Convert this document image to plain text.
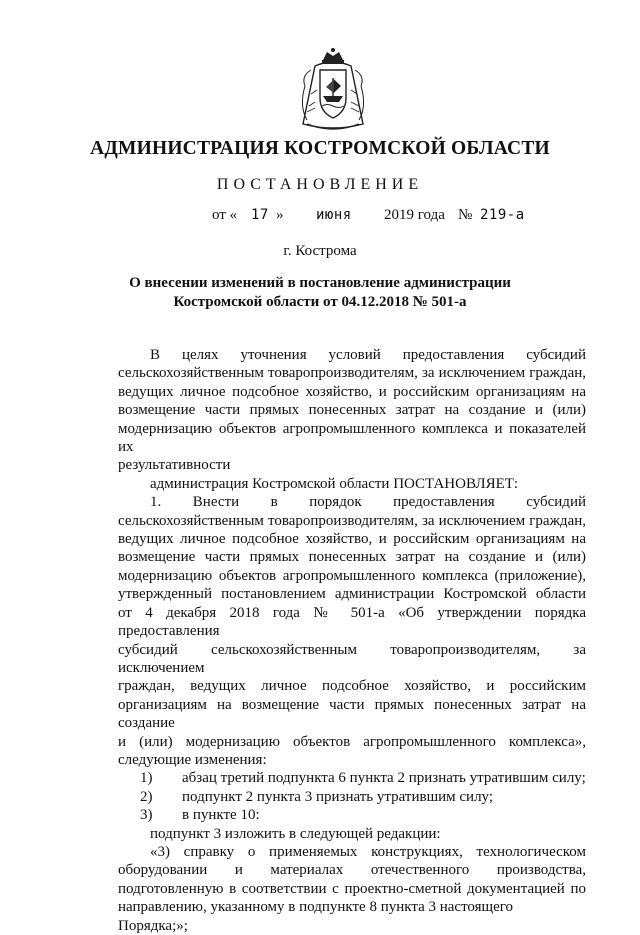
АДМИНИСТРАЦИЯ КОСТРОМСКОЙ ОБЛАСТИ
ПОСТАНОВЛЕНИЕ
от « 17 » июня 2019 года № 219-а
г. Кострома
О внесении изменений в постановление администрации
Костромской области от 04.12.2018 № 501-а

В целях уточнения условий предоставления субсидий

сельскохозяйственным товаропроизводителям, за исключением граждан,

ведущих личное подсобное хозяйство, и российским организациям на

возмещение части прямых понесенных затрат на создание и (или)

модернизацию объектов агропромышленного комплекса и показателей их

результативности

администрация Костромской области ПОСТАНОВЛЯЕТ:

1. Внести в порядок предоставления субсидий

сельскохозяйственным товаропроизводителям, за исключением граждан,

ведущих личное подсобное хозяйство, и российским организациям на

возмещение части прямых понесенных затрат на создание и (или)

модернизацию объектов агропромышленного комплекса (приложение),

утвержденный постановлением администрации Костромской области

от 4 декабря 2018 года № 501-а «Об утверждении порядка предоставления

субсидий сельскохозяйственным товаропроизводителям, за исключением

граждан, ведущих личное подсобное хозяйство, и российским

организациям на возмещение части прямых понесенных затрат на создание

и (или) модернизацию объектов агропромышленного комплекса»,

следующие изменения:

1) абзац третий подпункта 6 пункта 2 признать утратившим силу;

2) подпункт 2 пункта 3 признать утратившим силу;

3) в пункте 10:

подпункт 3 изложить в следующей редакции:

«3) справку о применяемых конструкциях, технологическом

оборудовании и материалах отечественного производства,

подготовленную в соответствии с проектно-сметной документацией по

направлению, указанному в подпункте 8 пункта 3 настоящего Порядка;»;
